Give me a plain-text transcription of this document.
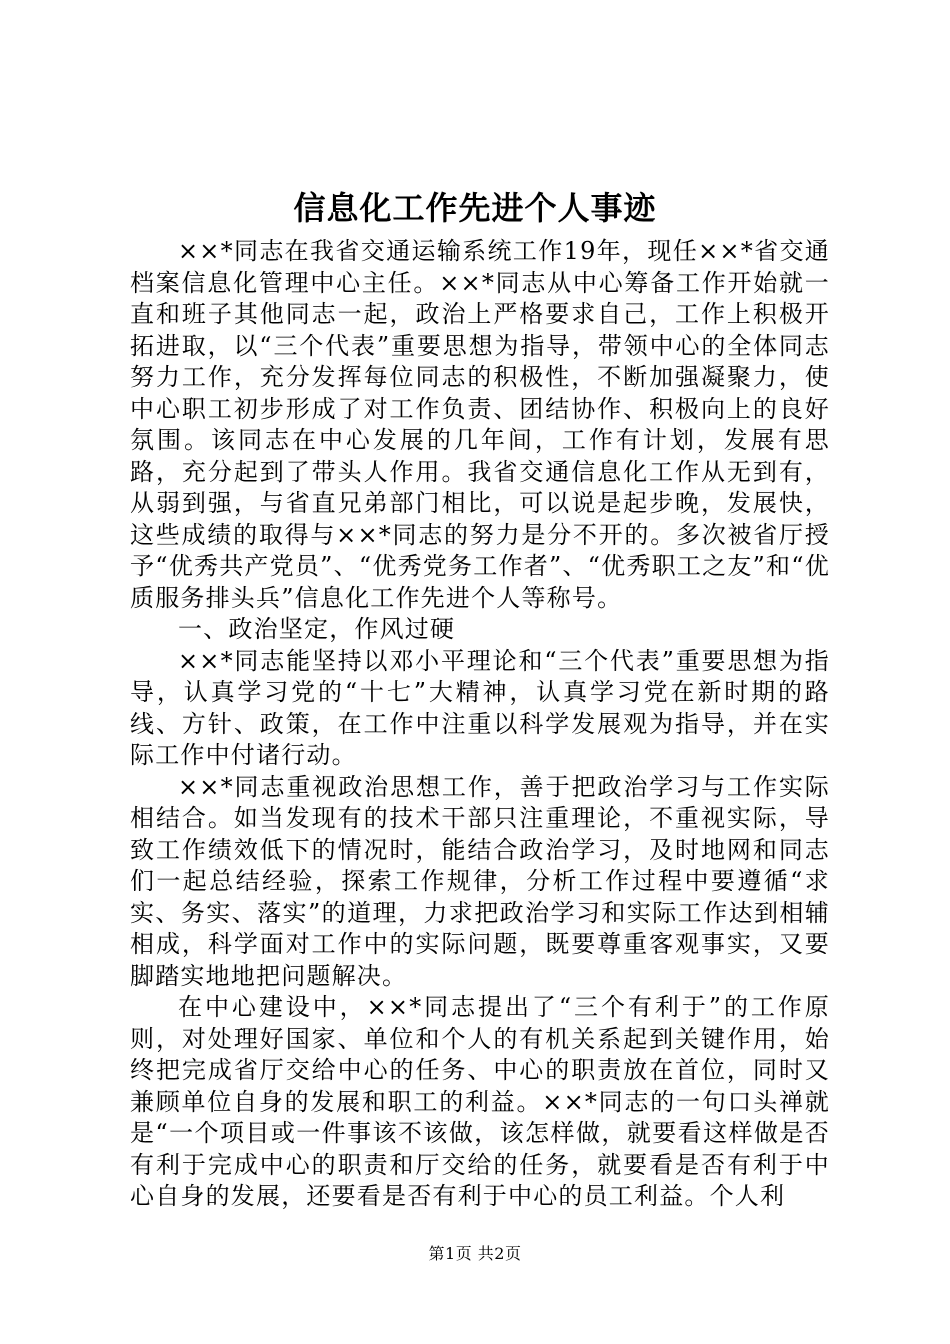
信息化工作先进个人事迹

××*同志在我省交通运输系统工作19年，现任××*省交通档案信息化管理中心主任。××*同志从中心筹备工作开始就一直和班子其他同志一起，政治上严格要求自己，工作上积极开拓进取，以“三个代表”重要思想为指导，带领中心的全体同志努力工作，充分发挥每位同志的积极性，不断加强凝聚力，使中心职工初步形成了对工作负责、团结协作、积极向上的良好氛围。该同志在中心发展的几年间，工作有计划，发展有思路，充分起到了带头人作用。我省交通信息化工作从无到有，从弱到强，与省直兄弟部门相比，可以说是起步晚，发展快，这些成绩的取得与××*同志的努力是分不开的。多次被省厅授予“优秀共产党员”、“优秀党务工作者”、“优秀职工之友”和“优质服务排头兵”信息化工作先进个人等称号。

一、政治坚定，作风过硬

××*同志能坚持以邓小平理论和“三个代表”重要思想为指导，认真学习党的“十七”大精神，认真学习党在新时期的路线、方针、政策，在工作中注重以科学发展观为指导，并在实际工作中付诸行动。

××*同志重视政治思想工作，善于把政治学习与工作实际相结合。如当发现有的技术干部只注重理论，不重视实际，导致工作绩效低下的情况时，能结合政治学习，及时地网和同志们一起总结经验，探索工作规律，分析工作过程中要遵循“求实、务实、落实”的道理，力求把政治学习和实际工作达到相辅相成，科学面对工作中的实际问题，既要尊重客观事实，又要脚踏实地地把问题解决。

在中心建设中，××*同志提出了“三个有利于”的工作原则，对处理好国家、单位和个人的有机关系起到关键作用，始终把完成省厅交给中心的任务、中心的职责放在首位，同时又兼顾单位自身的发展和职工的利益。××*同志的一句口头禅就是“一个项目或一件事该不该做，该怎样做，就要看这样做是否有利于完成中心的职责和厅交给的任务，就要看是否有利于中心自身的发展，还要看是否有利于中心的员工利益。个人利

第1页 共2页
